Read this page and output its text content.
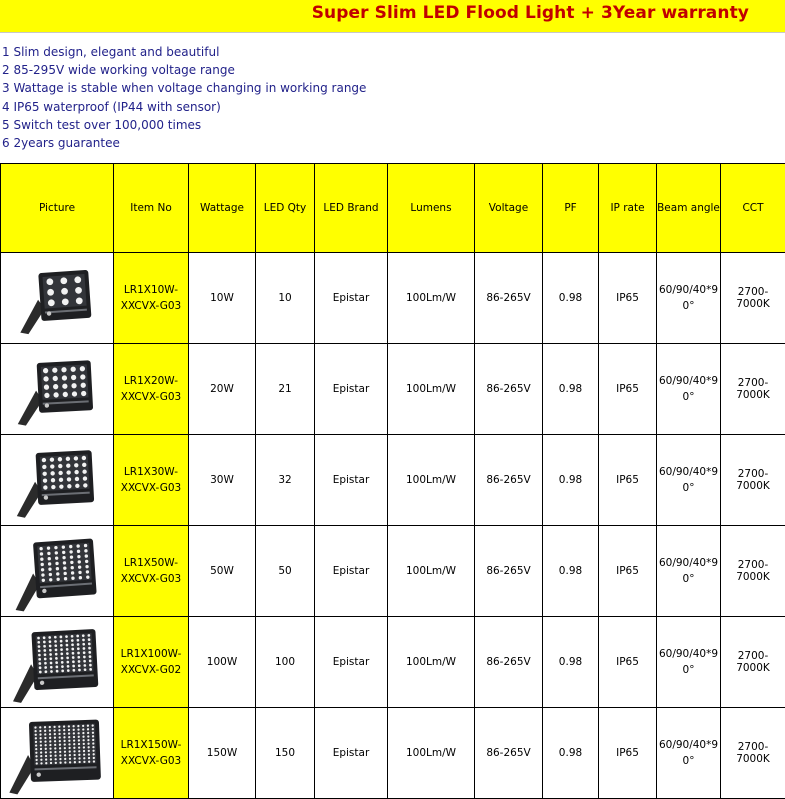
Super Slim LED Flood Light + 3Year warranty
1 Slim design, elegant and beautiful
2 85-295V wide working voltage range
3 Wattage is stable when voltage changing in working range
4 IP65 waterproof (IP44 with sensor)
5 Switch test over 100,000 times
6 2years guarantee
Picture	Item No	Wattage	LED Qty	LED Brand	Lumens	Voltage	PF	IP rate	Beam angle	CCT

	LR1X10W-XXCVX-G03	10W	10	Epistar	100Lm/W	86-265V	0.98	IP65	60/90/40*90°	2700-7000K

	LR1X20W-XXCVX-G03	20W	21	Epistar	100Lm/W	86-265V	0.98	IP65	60/90/40*90°	2700-7000K

	LR1X30W-XXCVX-G03	30W	32	Epistar	100Lm/W	86-265V	0.98	IP65	60/90/40*90°	2700-7000K

	LR1X50W-XXCVX-G03	50W	50	Epistar	100Lm/W	86-265V	0.98	IP65	60/90/40*90°	2700-7000K

	LR1X100W-XXCVX-G02	100W	100	Epistar	100Lm/W	86-265V	0.98	IP65	60/90/40*90°	2700-7000K

	LR1X150W-XXCVX-G03	150W	150	Epistar	100Lm/W	86-265V	0.98	IP65	60/90/40*90°	2700-7000K
